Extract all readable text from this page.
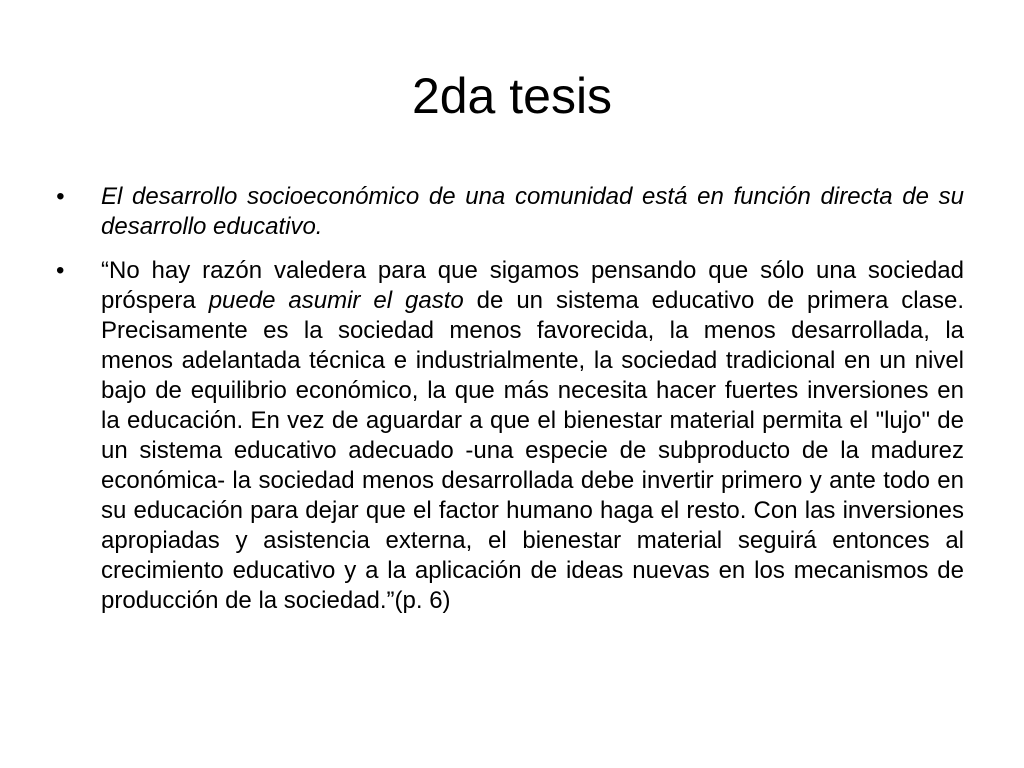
2da tesis
•	El desarrollo socioeconómico de una comunidad está en función directa de su desarrollo educativo.
•	“No hay razón valedera para que sigamos pensando que sólo una sociedad próspera puede asumir el gasto de un sistema educativo de primera clase. Precisamente es la sociedad menos favorecida, la menos desarrollada, la menos adelantada técnica e industrialmente, la sociedad tradicional en un nivel bajo de equilibrio económico, la que más necesita hacer fuertes inversiones en la educación. En vez de aguardar a que el bienestar material permita el "lujo" de un sistema educativo adecuado -una especie de subproducto de la madurez económica- la sociedad menos desarrollada debe invertir primero y ante todo en su educación para dejar que el factor humano haga el resto. Con las inversiones apropiadas y asistencia externa, el bienestar material seguirá entonces al crecimiento educativo y a la aplicación de ideas nuevas en los mecanismos de producción de la sociedad.”(p. 6)
